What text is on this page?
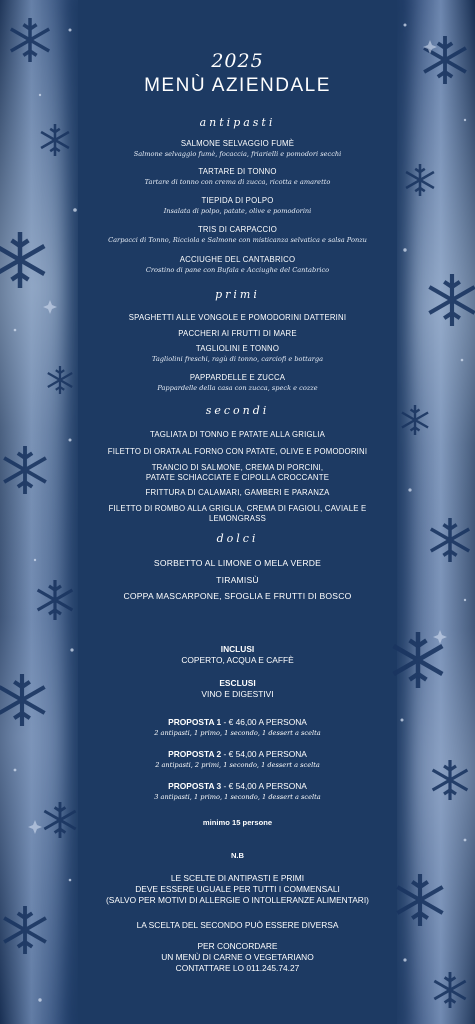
2025
MENÙ AZIENDALE
antipasti
SALMONE SELVAGGIO FUMÈ
Salmone selvaggio fumè, focaccia, friarielli e pomodori secchi
TARTARE DI TONNO
Tartare di tonno con crema di zucca, ricotta e amaretto
TIEPIDA DI POLPO
Insalata di polpo, patate, olive e pomodorini
TRIS DI CARPACCIO
Carpacci di Tonno, Ricciola e Salmone con misticanza selvatica e salsa Ponzu
ACCIUGHE DEL CANTABRICO
Crostino di pane con Bufala e Acciughe del Cantabrico
primi
SPAGHETTI ALLE VONGOLE E POMODORINI DATTERINI
PACCHERI AI FRUTTI DI MARE
TAGLIOLINI E TONNO
Tagliolini freschi, ragù di tonno, carciofi e bottarga
PAPPARDELLE E ZUCCA
Pappardelle della casa con zucca, speck e cozze
secondi
TAGLIATA DI TONNO E PATATE ALLA GRIGLIA
FILETTO DI ORATA AL FORNO CON PATATE, OLIVE E POMODORINI
TRANCIO DI SALMONE, CREMA DI PORCINI,
PATATE SCHIACCIATE E CIPOLLA CROCCANTE
FRITTURA DI CALAMARI, GAMBERI E PARANZA
FILETTO DI ROMBO ALLA GRIGLIA, CREMA DI FAGIOLI, CAVIALE E
LEMONGRASS
dolci
SORBETTO AL LIMONE O MELA VERDE
TIRAMISÙ
COPPA MASCARPONE, SFOGLIA E FRUTTI DI BOSCO
INCLUSI
COPERTO, ACQUA E CAFFÈ
ESCLUSI
VINO E DIGESTIVI
PROPOSTA 1 - € 46,00 A PERSONA
2 antipasti, 1 primo, 1 secondo, 1 dessert a scelta
PROPOSTA 2 - € 54,00 A PERSONA
2 antipasti, 2 primi, 1 secondo, 1 dessert a scelta
PROPOSTA 3 - € 54,00 A PERSONA
3 antipasti, 1 primo, 1 secondo, 1 dessert a scelta
minimo 15 persone
N.B
LE SCELTE DI ANTIPASTI E PRIMI
DEVE ESSERE UGUALE PER TUTTI I COMMENSALI
(SALVO PER MOTIVI DI ALLERGIE O INTOLLERANZE ALIMENTARI)
LA SCELTA DEL SECONDO PUÒ ESSERE DIVERSA
PER CONCORDARE
UN MENÙ DI CARNE O VEGETARIANO
CONTATTARE LO 011.245.74.27
